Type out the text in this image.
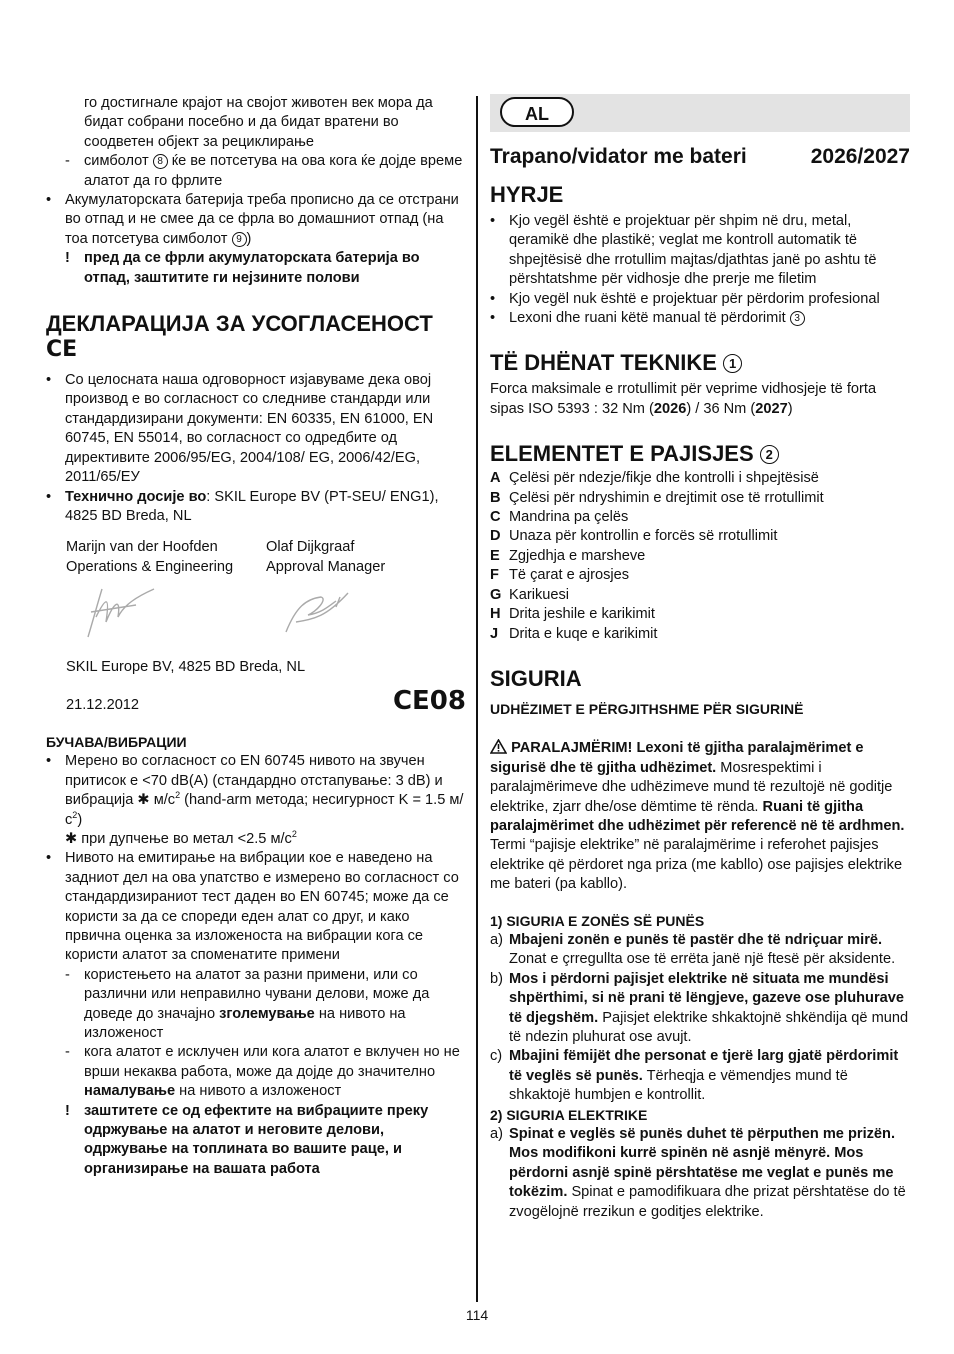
го достигнале крајот на својот животен век мора да бидат собрани посебно и да бидат вратени во соодветен објект за рециклирање
- симболот 8 ќе ве потсетува на ова кога ќе дојде време алатот да го фрлите
• Акумулаторската батерија треба прописно да се отстрани во отпад и не смее да се фрла во домашниот отпад (на тоа потсетува симболот 9 )
! пред да се фрли акумулаторската батерија во отпад, заштитите ги нејзините полови
ДЕКЛАРАЦИЈА ЗА УСОГЛАСЕНОСТ
CE
• Со целосната наша одговорност изјавуваме дека овој производ е во согласност со следниве стандарди или стандардизирани документи: EN 60335, EN 61000, EN 60745, EN 55014, во согласност со одредбите од директивите 2006/95/EG, 2004/108/ EG, 2006/42/EG, 2011/65/ЕУ
• Технично досије во: SKIL Europe BV (PT-SEU/ ENG1), 4825 BD Breda, NL
Marijn van der Hoofden
Operations & Engineering
Olaf Dijkgraaf
Approval Manager
SKIL Europe BV, 4825 BD Breda, NL
21.12.2012	CE08
БУЧАВА/ВИБРАЦИИ
• Мерено во согласност со EN 60745 нивото на звучен притисок е <70 dB(A) (стандардно отстапување: 3 dB) и вибрација ✱ $м/с^2$ (hand-arm метода; несигурност K = 1.5 $м/с^2$)
✱ при дупчење во метал <2.5 $м/с^2$
• Нивото на емитирање на вибрации кое е наведено на задниот дел на ова упатство е измерено во согласност со стандардизираниот тест даден во EN 60745; може да се користи за да се спореди еден алат со друг, и како првична оценка за изложеноста на вибрации кога се користи алатот за споменатите примени
- користењето на алатот за разни примени, или со различни или неправилно чувани делови, може да доведе до значајно зголемување на нивото на изложеност
- кога алатот е исклучен или кога алатот е вклучен но не врши некаква работа, може да дојде до значително намалување на нивото а изложеност
! заштитете се од ефектите на вибрациите преку одржување на алатот и неговите делови, одржување на топлината во вашите раце, и организирање на вашата работа
AL
Trapano/vidator me bateri	2026/2027
HYRJE
• Kjo vegël është e projektuar për shpim në dru, metal, qeramikë dhe plastikë; veglat me kontroll automatik të shpejtësisë dhe rrotullim majtas/djathtas janë po ashtu të përshtatshme për vidhosje dhe prerje me filetim
• Kjo vegël nuk është e projektuar për përdorim profesional
• Lexoni dhe ruani këtë manual të përdorimit 3
TË DHËNAT TEKNIKE 1
Forca maksimale e rrotullimit për veprime vidhosjeje të forta sipas ISO 5393 : 32 Nm (2026) / 36 Nm (2027)
ELEMENTET E PAJISJES 2
A Çelësi për ndezje/fikje dhe kontrolli i shpejtësisë
B Çelësi për ndryshimin e drejtimit ose të rrotullimit
C Mandrina pa çelës
D Unaza për kontrollin e forcës së rrotullimit
E Zgjedhja e marsheve
F Të çarat e ajrosjes
G Karikuesi
H Drita jeshile e karikimit
J Drita e kuqe e karikimit
SIGURIA
UDHËZIMET E PËRGJITHSHME PËR SIGURINË
PARALAJMËRIM! Lexoni të gjitha paralajmërimet e sigurisë dhe të gjitha udhëzimet. Mosrespektimi i paralajmërimeve dhe udhëzimeve mund të rezultojë në goditje elektrike, zjarr dhe/ose dëmtime të rënda. Ruani të gjitha paralajmërimet dhe udhëzimet për referencë në të ardhmen. Termi “pajisje elektrike” në paralajmërime i referohet pajisjes elektrike që përdoret nga priza (me kabllo) ose pajisjes elektrike me bateri (pa kabllo).
1) SIGURIA E ZONËS SË PUNËS
a) Mbajeni zonën e punës të pastër dhe të ndriçuar mirë. Zonat e çrregullta ose të errëta janë një ftesë për aksidente.
b) Mos i përdorni pajisjet elektrike në situata me mundësi shpërthimi, si në prani të lëngjeve, gazeve ose pluhurave të djegshëm. Pajisjet elektrike shkaktojnë shkëndija që mund të ndezin pluhurat ose avujt.
c) Mbajini fëmijët dhe personat e tjerë larg gjatë përdorimit të veglës së punës. Tërheqja e vëmendjes mund të shkaktojë humbjen e kontrollit.
2) SIGURIA ELEKTRIKE
a) Spinat e veglës së punës duhet të përputhen me prizën. Mos modifikoni kurrë spinën në asnjë mënyrë. Mos përdorni asnjë spinë përshtatëse me veglat e punës me tokëzim. Spinat e pamodifikuara dhe prizat përshtatëse do të zvogëlojnë rrezikun e goditjes elektrike.
114
